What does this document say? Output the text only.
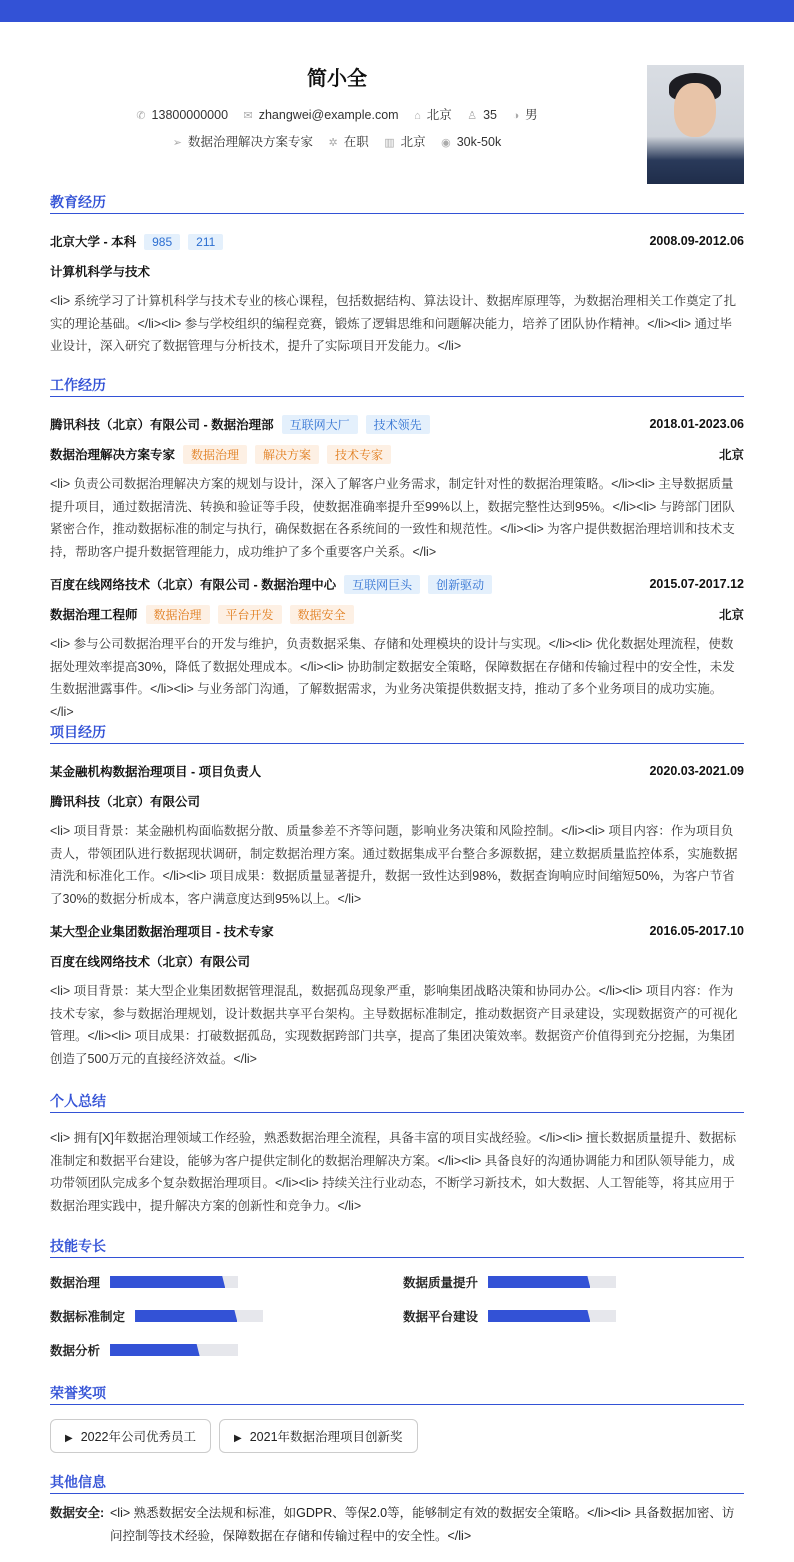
简小全
✆ 13800000000 ✉ zhangwei@example.com ⌂ 北京 ♙ 35 ◑ 男
➢ 数据治理解决方案专家 ✲ 在职 ▥ 北京 ◉ 30k-50k
教育经历
北京大学 - 本科 985 211	2008.09-2012.06
计算机科学与技术
<li> 系统学习了计算机科学与技术专业的核心课程，包括数据结构、算法设计、数据库原理等，为数据治理相关工作奠定了扎实的理论基础。</li><li> 参与学校组织的编程竞赛，锻炼了逻辑思维和问题解决能力，培养了团队协作精神。</li><li> 通过毕业设计，深入研究了数据管理与分析技术，提升了实际项目开发能力。</li>
工作经历
腾讯科技（北京）有限公司 - 数据治理部 互联网大厂 技术领先	2018.01-2023.06
数据治理解决方案专家 数据治理 解决方案 技术专家	北京
<li> 负责公司数据治理解决方案的规划与设计，深入了解客户业务需求，制定针对性的数据治理策略。</li><li> 主导数据质量提升项目，通过数据清洗、转换和验证等手段，使数据准确率提升至99%以上，数据完整性达到95%。</li><li> 与跨部门团队紧密合作，推动数据标准的制定与执行，确保数据在各系统间的一致性和规范性。</li><li> 为客户提供数据治理培训和技术支持，帮助客户提升数据管理能力，成功维护了多个重要客户关系。</li>
百度在线网络技术（北京）有限公司 - 数据治理中心 互联网巨头 创新驱动	2015.07-2017.12
数据治理工程师 数据治理 平台开发 数据安全	北京
<li> 参与公司数据治理平台的开发与维护，负责数据采集、存储和处理模块的设计与实现。</li><li> 优化数据处理流程，使数据处理效率提高30%，降低了数据处理成本。</li><li> 协助制定数据安全策略，保障数据在存储和传输过程中的安全性，未发生数据泄露事件。</li><li> 与业务部门沟通，了解数据需求，为业务决策提供数据支持，推动了多个业务项目的成功实施。</li>
项目经历
某金融机构数据治理项目 - 项目负责人	2020.03-2021.09
腾讯科技（北京）有限公司
<li> 项目背景：某金融机构面临数据分散、质量参差不齐等问题，影响业务决策和风险控制。</li><li> 项目内容：作为项目负责人，带领团队进行数据现状调研，制定数据治理方案。通过数据集成平台整合多源数据，建立数据质量监控体系，实施数据清洗和标准化工作。</li><li> 项目成果：数据质量显著提升，数据一致性达到98%，数据查询响应时间缩短50%，为客户节省了30%的数据分析成本，客户满意度达到95%以上。</li>
某大型企业集团数据治理项目 - 技术专家	2016.05-2017.10
百度在线网络技术（北京）有限公司
<li> 项目背景：某大型企业集团数据管理混乱，数据孤岛现象严重，影响集团战略决策和协同办公。</li><li> 项目内容：作为技术专家，参与数据治理规划，设计数据共享平台架构。主导数据标准制定，推动数据资产目录建设，实现数据资产的可视化管理。</li><li> 项目成果：打破数据孤岛，实现数据跨部门共享，提高了集团决策效率。数据资产价值得到充分挖掘，为集团创造了500万元的直接经济效益。</li>
个人总结
<li> 拥有[X]年数据治理领域工作经验，熟悉数据治理全流程，具备丰富的项目实战经验。</li><li> 擅长数据质量提升、数据标准制定和数据平台建设，能够为客户提供定制化的数据治理解决方案。</li><li> 具备良好的沟通协调能力和团队领导能力，成功带领团队完成多个复杂数据治理项目。</li><li> 持续关注行业动态，不断学习新技术，如大数据、人工智能等，将其应用于数据治理实践中，提升解决方案的创新性和竞争力。</li>
技能专长
数据治理	数据质量提升
数据标准制定	数据平台建设
数据分析
荣誉奖项
▶ 2022年公司优秀员工	▶ 2021年数据治理项目创新奖
其他信息
数据安全: <li> 熟悉数据安全法规和标准，如GDPR、等保2.0等，能够制定有效的数据安全策略。</li><li> 具备数据加密、访问控制等技术经验，保障数据在存储和传输过程中的安全性。</li>
